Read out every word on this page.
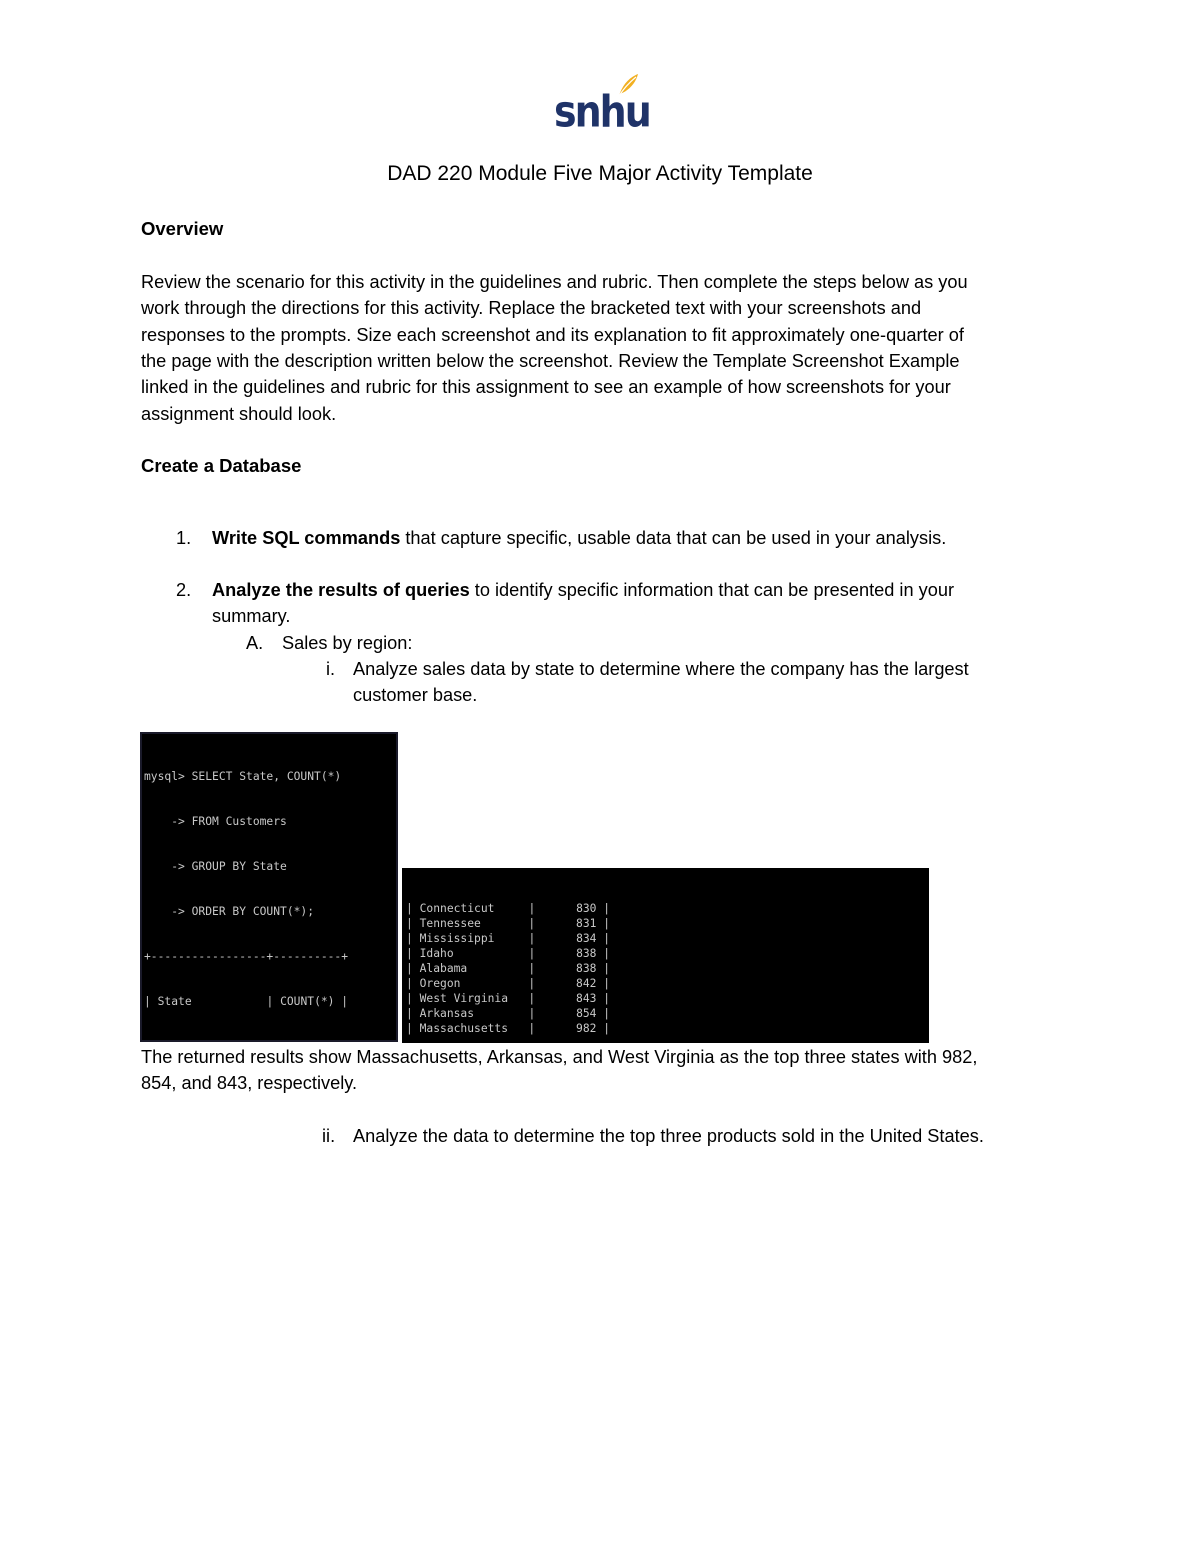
snhu
DAD 220 Module Five Major Activity Template
Overview

Review the scenario for this activity in the guidelines and rubric. Then complete the steps below as you

work through the directions for this activity. Replace the bracketed text with your screenshots and

responses to the prompts. Size each screenshot and its explanation to fit approximately one-quarter of

the page with the description written below the screenshot. Review the Template Screenshot Example

linked in the guidelines and rubric for this assignment to see an example of how screenshots for your

assignment should look.

Create a Database
1. Write SQL commands that capture specific, usable data that can be used in your analysis.

2. Analyze the results of queries to identify specific information that can be presented in your

summary.

A. Sales by region:

i. Analyze sales data by state to determine where the company has the largest

customer base.

mysql> SELECT State, COUNT(*)

-> FROM Customers

-> GROUP BY State

-> ORDER BY COUNT(*);

+-----------------+----------+

| State	| COUNT(*) |

| Connecticut     |      830 |
| Tennessee       |      831 |
| Mississippi     |      834 |
| Idaho           |      838 |
| Alabama         |      838 |
| Oregon          |      842 |
| West Virginia   |      843 |
| Arkansas        |      854 |
| Massachusetts   |      982 |

The returned results show Massachusetts, Arkansas, and West Virginia as the top three states with 982,

854, and 843, respectively.

ii. Analyze the data to determine the top three products sold in the United States.
